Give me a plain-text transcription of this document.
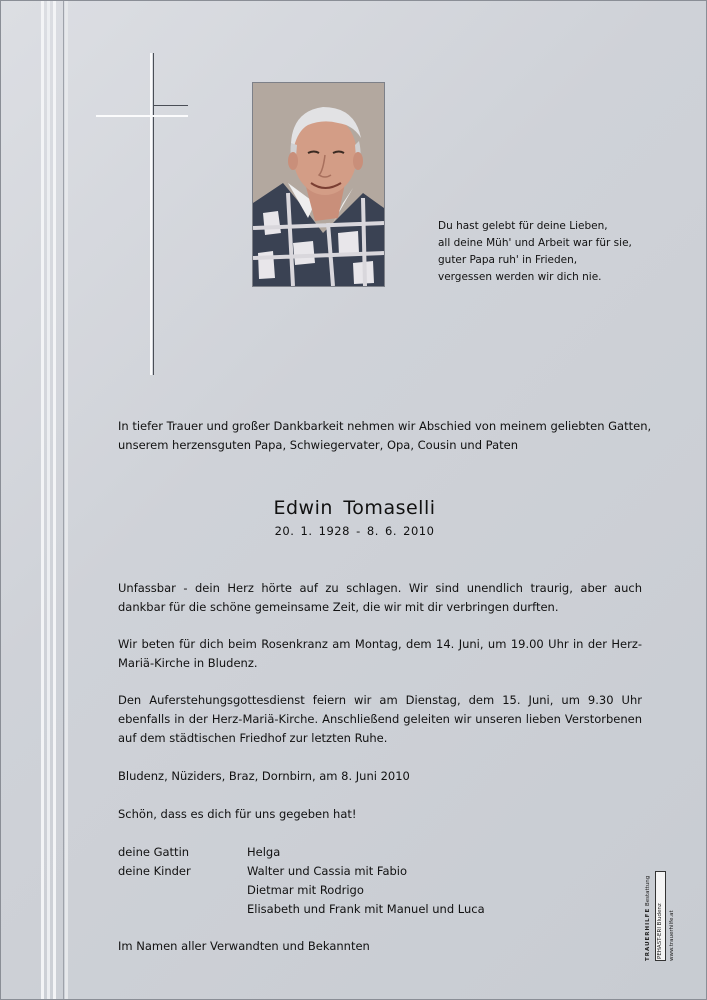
Du hast gelebt für deine Lieben,
all deine Müh' und Arbeit war für sie,
guter Papa ruh' in Frieden,
vergessen werden wir dich nie.
In tiefer Trauer und großer Dankbarkeit nehmen wir Abschied von meinem geliebten Gatten,
unserem herzensguten Papa, Schwiegervater, Opa, Cousin und Paten
Edwin Tomaselli
20. 1. 1928 - 8. 6. 2010
Unfassbar - dein Herz hörte auf zu schlagen. Wir sind unendlich traurig, aber auch dankbar für die schöne gemeinsame Zeit, die wir mit dir verbringen durften.
Wir beten für dich beim Rosenkranz am Montag, dem 14. Juni, um 19.00 Uhr in der Herz-Mariä-Kirche in Bludenz.
Den Auferstehungsgottesdienst feiern wir am Dienstag, dem 15. Juni, um 9.30 Uhr ebenfalls in der Herz-Mariä-Kirche. Anschließend geleiten wir unseren lieben Verstorbenen auf dem städtischen Friedhof zur letzten Ruhe.
Bludenz, Nüziders, Braz, Dornbirn, am 8. Juni 2010
Schön, dass es dich für uns gegeben hat!
deine Gattin	Helga
deine Kinder	Walter und Cassia mit Fabio
Dietmar mit Rodrigo
Elisabeth und Frank mit Manuel und Luca
Im Namen aller Verwandten und Bekannten	TRAUERHILFE Bestattung
PEHAST-ERI Bludenz	www.trauerhilfe.at
